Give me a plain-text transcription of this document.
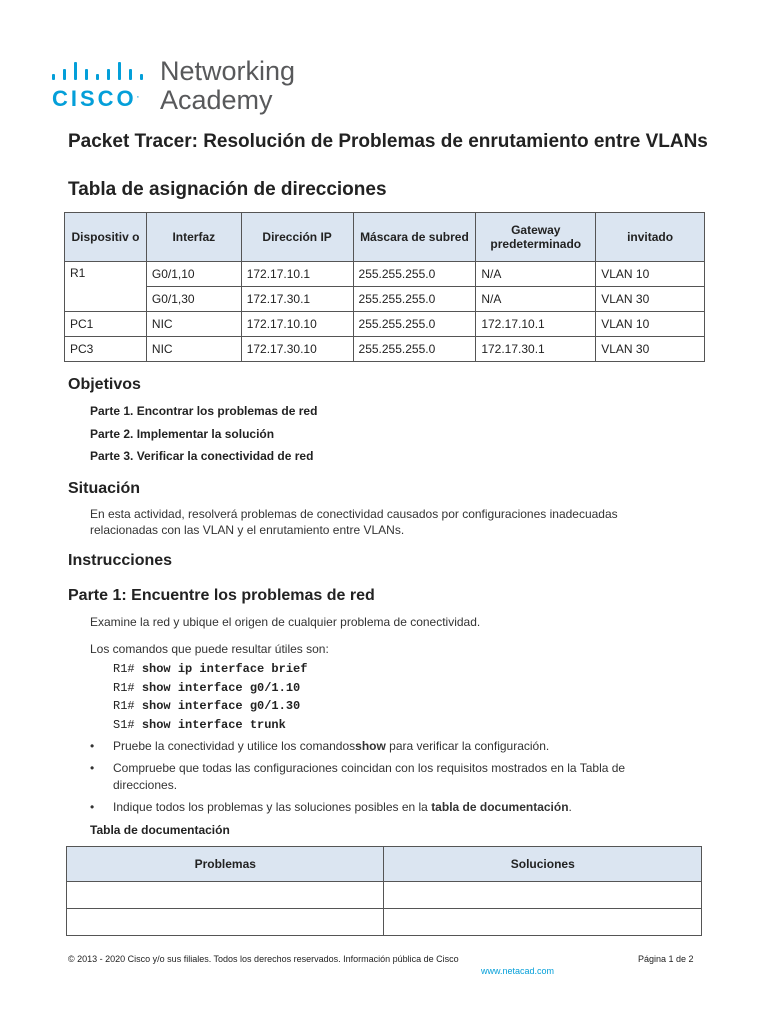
CISCO.
Networking
Academy
Packet Tracer: Resolución de Problemas de enrutamiento entre VLANs
Tabla de asignación de direcciones
Dispositiv o	Interfaz	Dirección IP	Máscara de subred	Gateway predeterminado	invitado
R1	G0/1,10	172.17.10.1	255.255.255.0	N/A	VLAN 10
	G0/1,30	172.17.30.1	255.255.255.0	N/A	VLAN 30
PC1	NIC	172.17.10.10	255.255.255.0	172.17.10.1	VLAN 10
PC3	NIC	172.17.30.10	255.255.255.0	172.17.30.1	VLAN 30
Objetivos
Parte 1. Encontrar los problemas de red
Parte 2. Implementar la solución
Parte 3. Verificar la conectividad de red
Situación
En esta actividad, resolverá problemas de conectividad causados por configuraciones inadecuadas relacionadas con las VLAN y el enrutamiento entre VLANs.
Instrucciones
Parte 1: Encuentre los problemas de red
Examine la red y ubique el origen de cualquier problema de conectividad.
Los comandos que puede resultar útiles son:
R1# show ip interface brief
R1# show interface g0/1.10
R1# show interface g0/1.30
S1# show interface trunk
• Pruebe la conectividad y utilice los comandosshow para verificar la configuración.
• Compruebe que todas las configuraciones coincidan con los requisitos mostrados en la Tabla de direcciones.
• Indique todos los problemas y las soluciones posibles en la tabla de documentación.
Tabla de documentación
Problemas	Soluciones

© 2013 - 2020 Cisco y/o sus filiales. Todos los derechos reservados. Información pública de Cisco	Página 1 de 2
www.netacad.com
